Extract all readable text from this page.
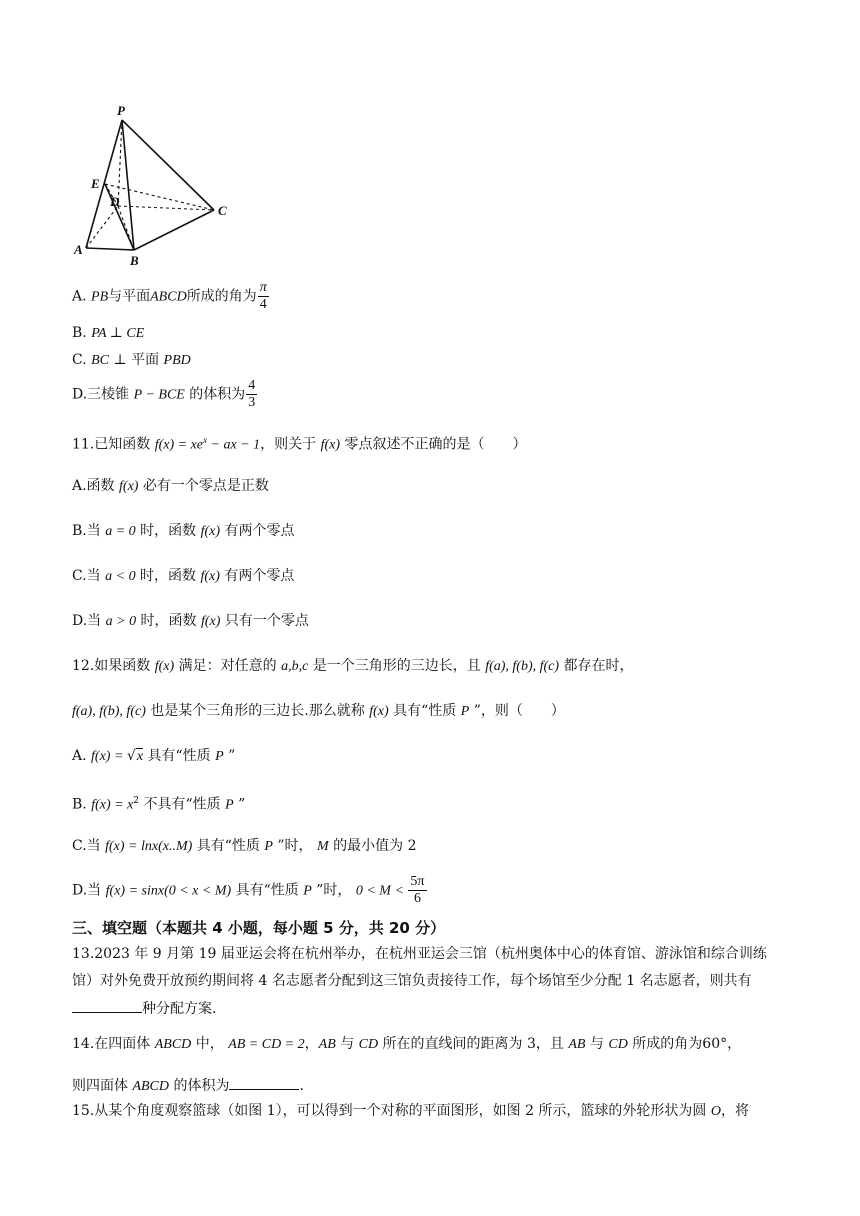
P
E
D
C
A
B
A. PB与平面ABCD所成的角为 $\frac{\pi}{4}$
B. PA ⊥ CE
C. BC ⊥ 平面 PBD
D.三棱锥 P − BCE 的体积为 $\frac{4}{3}$
11.已知函数 $f(x) = xe^x$ − ax − 1，则关于 f(x) 零点叙述不正确的是（　　）
A.函数 f(x) 必有一个零点是正数
B.当 a = 0 时，函数 f(x) 有两个零点
C.当 a < 0 时，函数 f(x) 有两个零点
D.当 a > 0 时，函数 f(x) 只有一个零点
12.如果函数 f(x) 满足：对任意的 a,b,c 是一个三角形的三边长，且 f(a), f(b), f(c) 都存在时，
f(a), f(b), f(c) 也是某个三角形的三边长.那么就称 f(x) 具有“性质 P ”，则（　　）
A. f(x) = √x 具有“性质 P ”
B. $f(x) = x^2$ 不具有“性质 P ”
C.当 f(x) = lnx(x..M) 具有“性质 P ”时， M 的最小值为 2
D.当 f(x) = sinx(0 < x < M) 具有“性质 P ”时， $0 < M < \frac{5\pi}{6}$
三、填空题（本题共 4 小题，每小题 5 分，共 20 分）
13.2023 年 9 月第 19 届亚运会将在杭州举办，在杭州亚运会三馆（杭州奥体中心的体育馆、游泳馆和综合训练
馆）对外免费开放预约期间将 4 名志愿者分配到这三馆负责接待工作，每个场馆至少分配 1 名志愿者，则共有
种分配方案.
14.在四面体 ABCD 中， AB = CD = 2，AB 与 CD 所在的直线间的距离为 3，且 AB 与 CD 所成的角为60°，
则四面体 ABCD 的体积为	.
15.从某个角度观察篮球（如图 1），可以得到一个对称的平面图形，如图 2 所示，篮球的外轮形状为圆 O，将
